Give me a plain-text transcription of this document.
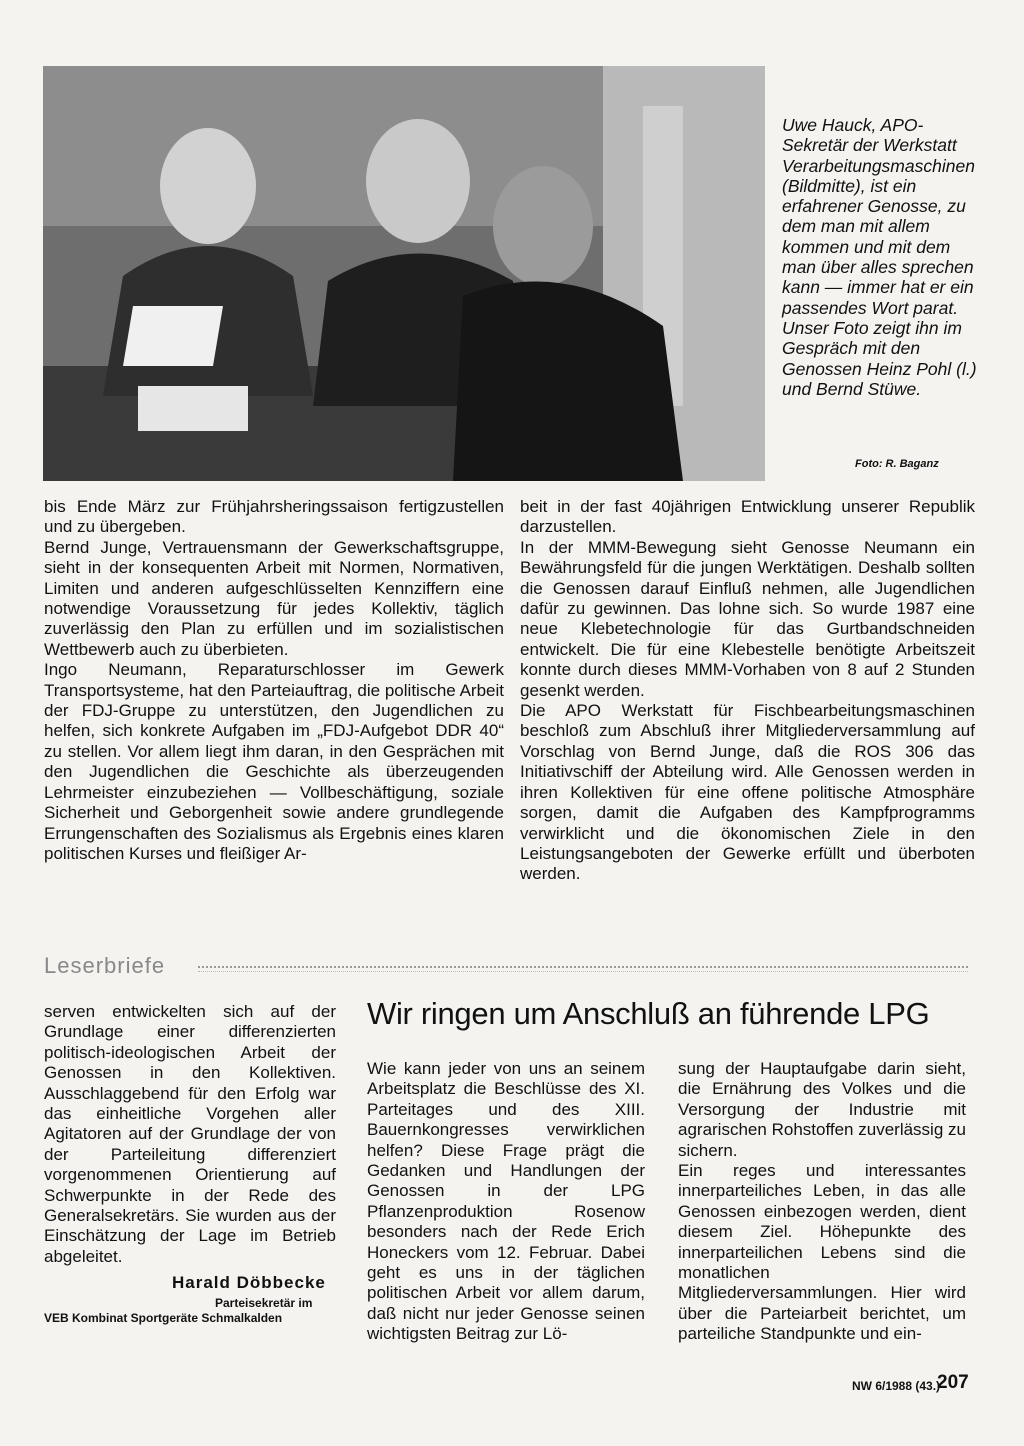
Uwe Hauck, APO-Sekretär der Werkstatt Verarbeitungsmaschinen (Bildmitte), ist ein erfahrener Genosse, zu dem man mit allem kommen und mit dem man über alles sprechen kann — immer hat er ein passendes Wort parat. Unser Foto zeigt ihn im Gespräch mit den Genossen Heinz Pohl (l.) und Bernd Stüwe.
Foto: R. Baganz

bis Ende März zur Frühjahrsheringssaison fertigzustellen und zu übergeben.

Bernd Junge, Vertrauensmann der Gewerkschaftsgruppe, sieht in der konsequenten Arbeit mit Normen, Normativen, Limiten und anderen aufgeschlüsselten Kennziffern eine notwendige Voraussetzung für jedes Kollektiv, täglich zuverlässig den Plan zu erfüllen und im sozialistischen Wettbewerb auch zu überbieten.

Ingo Neumann, Reparaturschlosser im Gewerk Transportsysteme, hat den Parteiauftrag, die politische Arbeit der FDJ-Gruppe zu unterstützen, den Jugendlichen zu helfen, sich konkrete Aufgaben im „FDJ-Aufgebot DDR 40“ zu stellen. Vor allem liegt ihm daran, in den Gesprächen mit den Jugendlichen die Geschichte als überzeugenden Lehrmeister einzubeziehen — Vollbeschäftigung, soziale Sicherheit und Geborgenheit sowie andere grundlegende Errungenschaften des Sozialismus als Ergebnis eines klaren politischen Kurses und fleißiger Ar-

beit in der fast 40jährigen Entwicklung unserer Republik darzustellen.

In der MMM-Bewegung sieht Genosse Neumann ein Bewährungsfeld für die jungen Werktätigen. Deshalb sollten die Genossen darauf Einfluß nehmen, alle Jugendlichen dafür zu gewinnen. Das lohne sich. So wurde 1987 eine neue Klebetechnologie für das Gurtbandschneiden entwickelt. Die für eine Klebestelle benötigte Arbeitszeit konnte durch dieses MMM-Vorhaben von 8 auf 2 Stunden gesenkt werden.

Die APO Werkstatt für Fischbearbeitungsmaschinen beschloß zum Abschluß ihrer Mitgliederversammlung auf Vorschlag von Bernd Junge, daß die ROS 306 das Initiativschiff der Abteilung wird. Alle Genossen werden in ihren Kollektiven für eine offene politische Atmosphäre sorgen, damit die Aufgaben des Kampfprogramms verwirklicht und die ökonomischen Ziele in den Leistungsangeboten der Gewerke erfüllt und überboten werden.

Leserbriefe

serven entwickelten sich auf der Grundlage einer differenzierten politisch-ideologischen Arbeit der Genossen in den Kollektiven. Ausschlaggebend für den Erfolg war das einheitliche Vorgehen aller Agitatoren auf der Grundlage der von der Parteileitung differenziert vorgenommenen Orientierung auf Schwerpunkte in der Rede des Generalsekretärs. Sie wurden aus der Einschätzung der Lage im Betrieb abgeleitet.

Harald Döbbecke
Parteisekretär im
VEB Kombinat Sportgeräte Schmalkalden
Wir ringen um Anschluß an führende LPG

Wie kann jeder von uns an seinem Arbeitsplatz die Beschlüsse des XI. Parteitages und des XIII. Bauernkongresses verwirklichen helfen? Diese Frage prägt die Gedanken und Handlungen der Genossen in der LPG Pflanzenproduktion Rosenow besonders nach der Rede Erich Honeckers vom 12. Februar. Dabei geht es uns in der täglichen politischen Arbeit vor allem darum, daß nicht nur jeder Genosse seinen wichtigsten Beitrag zur Lö-

sung der Hauptaufgabe darin sieht, die Ernährung des Volkes und die Versorgung der Industrie mit agrarischen Rohstoffen zuverlässig zu sichern.

Ein reges und interessantes innerparteiliches Leben, in das alle Genossen einbezogen werden, dient diesem Ziel. Höhepunkte des innerparteilichen Lebens sind die monatlichen Mitgliederversammlungen. Hier wird über die Parteiarbeit berichtet, um parteiliche Standpunkte und ein-

NW 6/1988 (43.)
207
